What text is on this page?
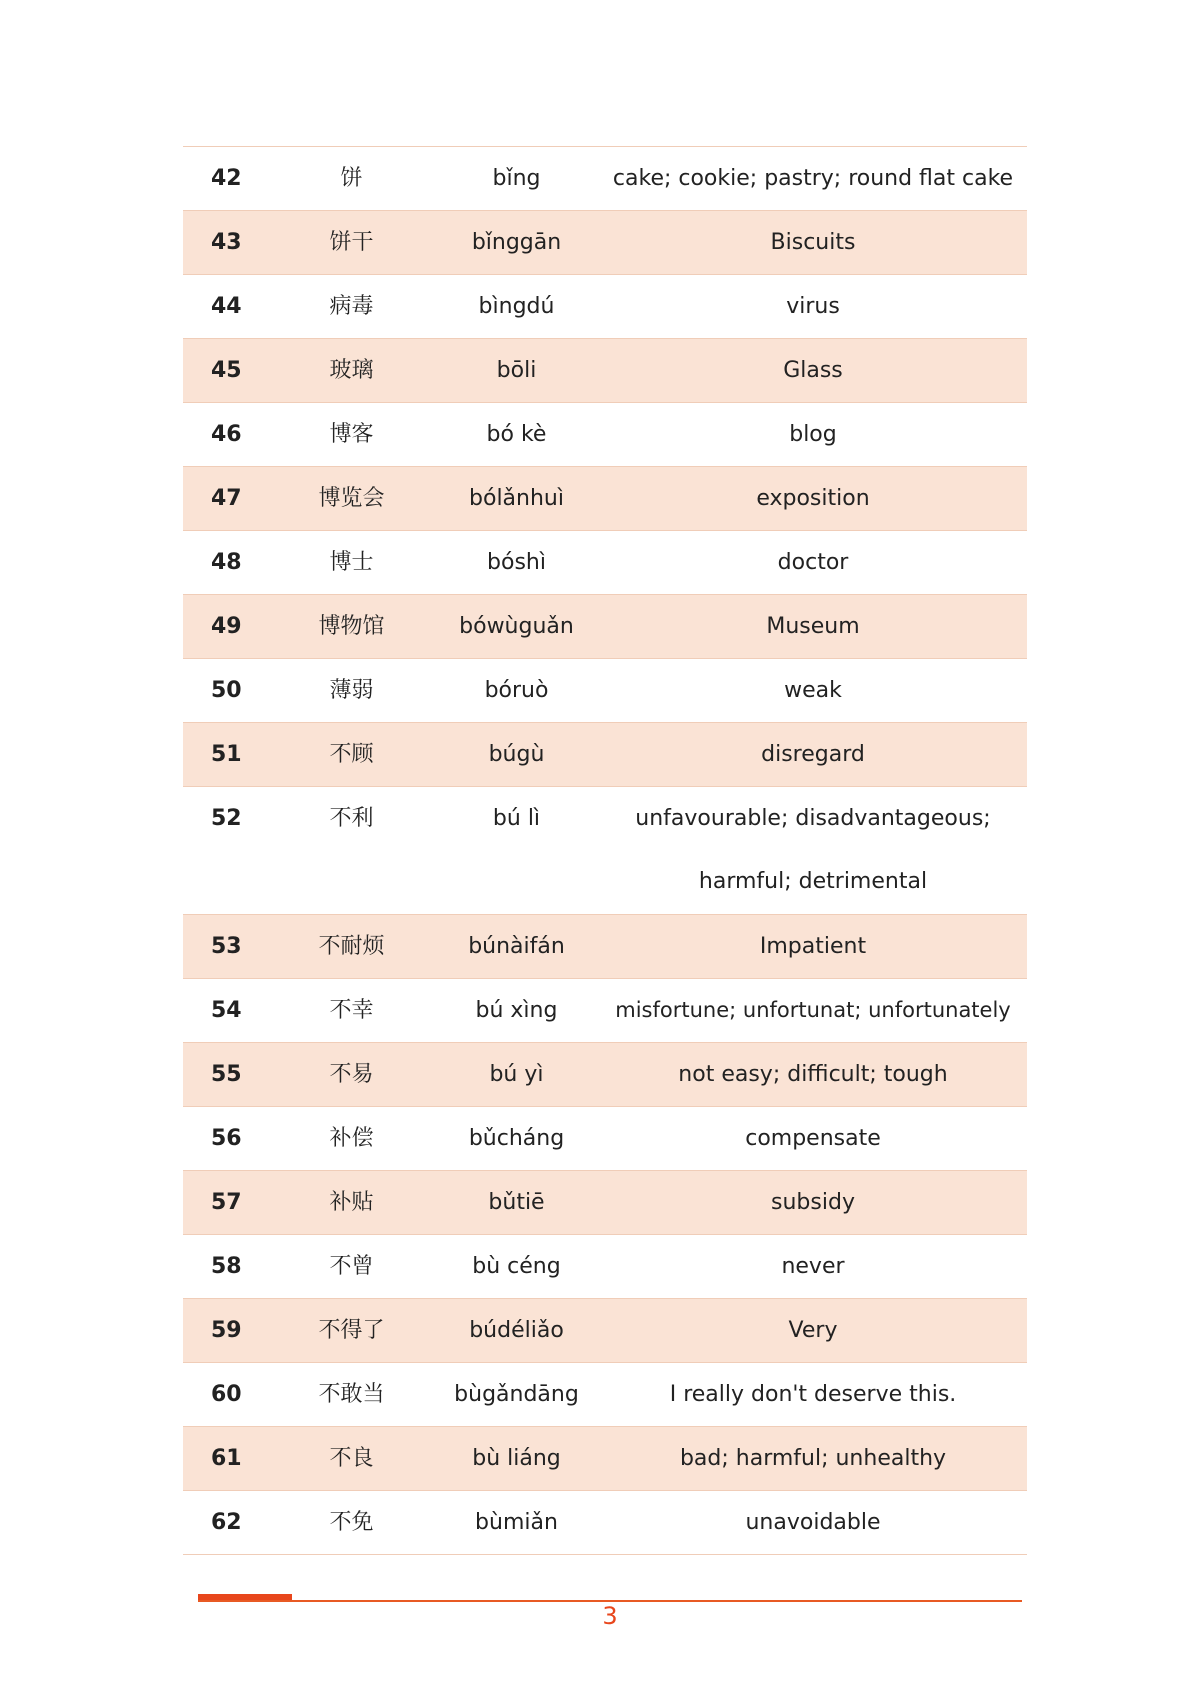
42	饼	bǐng	cake; cookie; pastry; round flat cake
43	饼干	bǐnggān	Biscuits
44	病毒	bìngdú	virus
45	玻璃	bōli	Glass
46	博客	bó kè	blog
47	博览会	bólǎnhuì	exposition
48	博士	bóshì	doctor
49	博物馆	bówùguǎn	Museum
50	薄弱	bóruò	weak
51	不顾	búgù	disregard
52	不利	bú lì	unfavourable; disadvantageous; harmful; detrimental
53	不耐烦	búnàifán	Impatient
54	不幸	bú xìng	misfortune; unfortunat; unfortunately
55	不易	bú yì	not easy; difficult; tough
56	补偿	bǔcháng	compensate
57	补贴	bǔtiē	subsidy
58	不曾	bù céng	never
59	不得了	búdéliǎo	Very
60	不敢当	bùgǎndāng	I really don't deserve this.
61	不良	bù liáng	bad; harmful; unhealthy
62	不免	bùmiǎn	unavoidable
3
